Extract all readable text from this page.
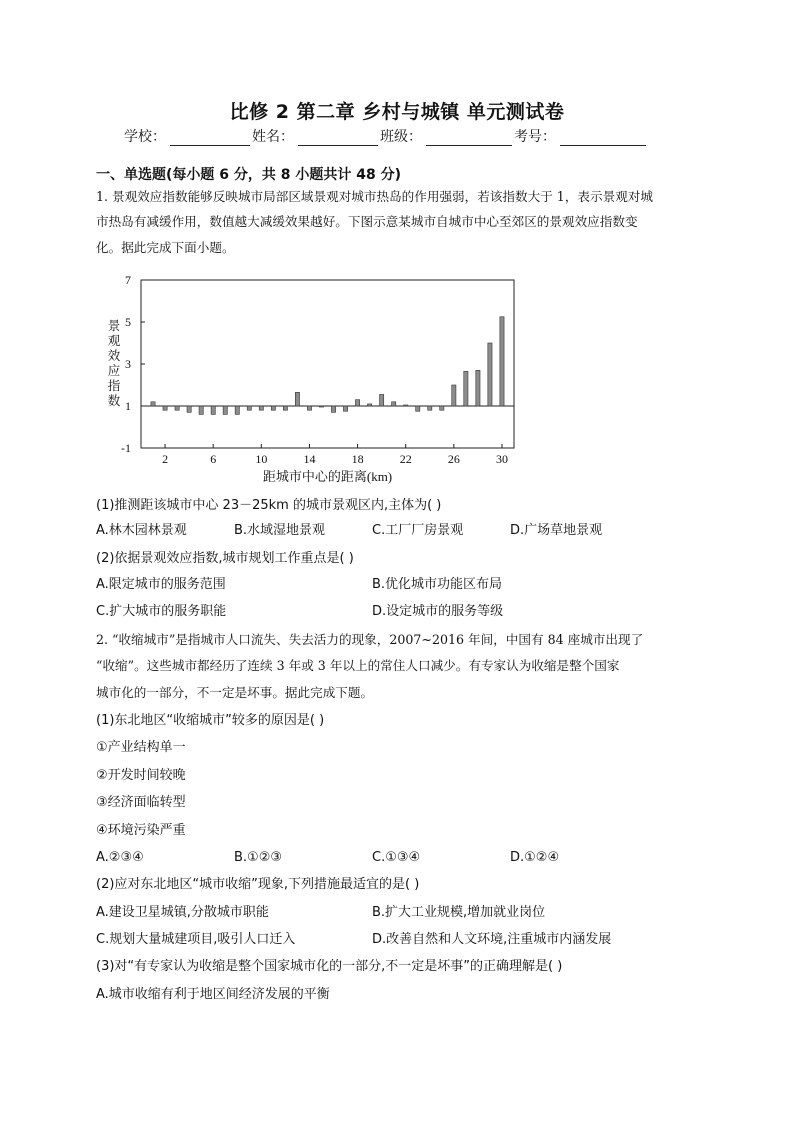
比修 2 第二章 乡村与城镇 单元测试卷
学校：	姓名：	班级：	考号：
一、单选题(每小题 6 分，共 8 小题共计 48 分)
1. 景观效应指数能够反映城市局部区域景观对城市热岛的作用强弱，若该指数大于 1，表示景观对城
市热岛有减缓作用，数值越大减缓效果越好。下图示意某城市自城市中心至郊区的景观效应指数变
化。据此完成下面小题。
-1
1
3
5
7
2	6	10	14	18	22	26	30
景观效应指数
距城市中心的距离(km)
(1)推测距该城市中心 23－25km 的城市景观区内,主体为( )
A.林木园林景观	B.水域湿地景观	C.工厂厂房景观	D.广场草地景观
(2)依据景观效应指数,城市规划工作重点是( )
A.限定城市的服务范围	B.优化城市功能区布局
C.扩大城市的服务职能	D.设定城市的服务等级
2. “收缩城市”是指城市人口流失、失去活力的现象，2007~2016 年间，中国有 84 座城市出现了
“收缩”。这些城市都经历了连续 3 年或 3 年以上的常住人口减少。有专家认为收缩是整个国家
城市化的一部分，不一定是坏事。据此完成下题。
(1)东北地区“收缩城市”较多的原因是( )
①产业结构单一
②开发时间较晚
③经济面临转型
④环境污染严重
A.②③④	B.①②③	C.①③④	D.①②④
(2)应对东北地区“城市收缩”现象,下列措施最适宜的是( )
A.建设卫星城镇,分散城市职能	B.扩大工业规模,增加就业岗位
C.规划大量城建项目,吸引人口迁入	D.改善自然和人文环境,注重城市内涵发展
(3)对“有专家认为收缩是整个国家城市化的一部分,不一定是坏事”的正确理解是( )
A.城市收缩有利于地区间经济发展的平衡
